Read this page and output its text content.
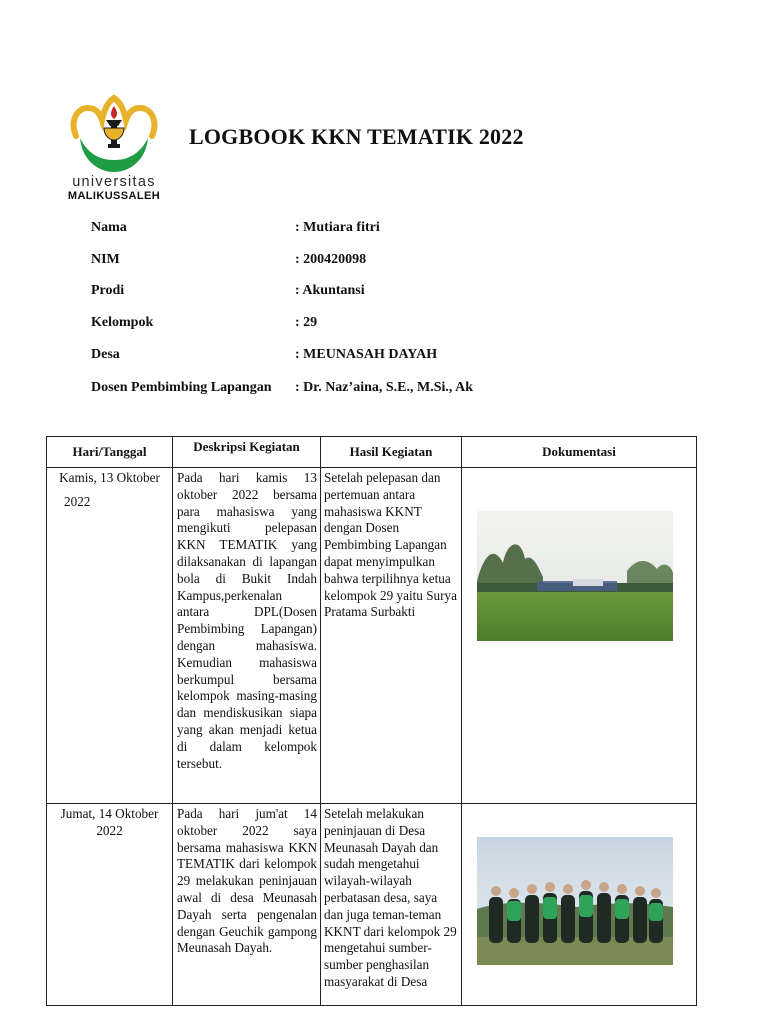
universitas
MALIKUSSALEH
LOGBOOK KKN TEMATIK 2022
Nama	: Mutiara fitri
NIM	: 200420098
Prodi	: Akuntansi
Kelompok	: 29
Desa	: MEUNASAH DAYAH
Dosen Pembimbing Lapangan : Dr. Naz’aina, S.E., M.Si., Ak
Hari/Tanggal	Deskripsi Kegiatan	Hasil Kegiatan	Dokumentasi

Kamis, 13 Oktober
2022	Pada hari kamis 13 oktober 2022 bersama para mahasiswa yang mengikuti pelepasan KKN TEMATIK yang dilaksanakan di lapangan bola di Bukit Indah Kampus,perkenalan antara DPL(Dosen Pembimbing Lapangan) dengan mahasiswa. Kemudian mahasiswa berkumpul bersama kelompok masing-masing dan mendiskusikan siapa yang akan menjadi ketua di dalam kelompok tersebut.	Setelah pelepasan dan pertemuan antara mahasiswa KKNT dengan Dosen Pembimbing Lapangan dapat menyimpulkan bahwa terpilihnya ketua kelompok 29 yaitu Surya Pratama Surbakti	

Jumat, 14 Oktober
2022	Pada hari jum'at 14 oktober 2022 saya bersama mahasiswa KKN TEMATIK dari kelompok 29 melakukan peninjauan awal di desa Meunasah Dayah serta pengenalan dengan Geuchik gampong Meunasah Dayah.	Setelah melakukan peninjauan di Desa Meunasah Dayah dan sudah mengetahui wilayah-wilayah perbatasan desa, saya dan juga teman-teman KKNT dari kelompok 29 mengetahui sumber-sumber penghasilan masyarakat di Desa	
